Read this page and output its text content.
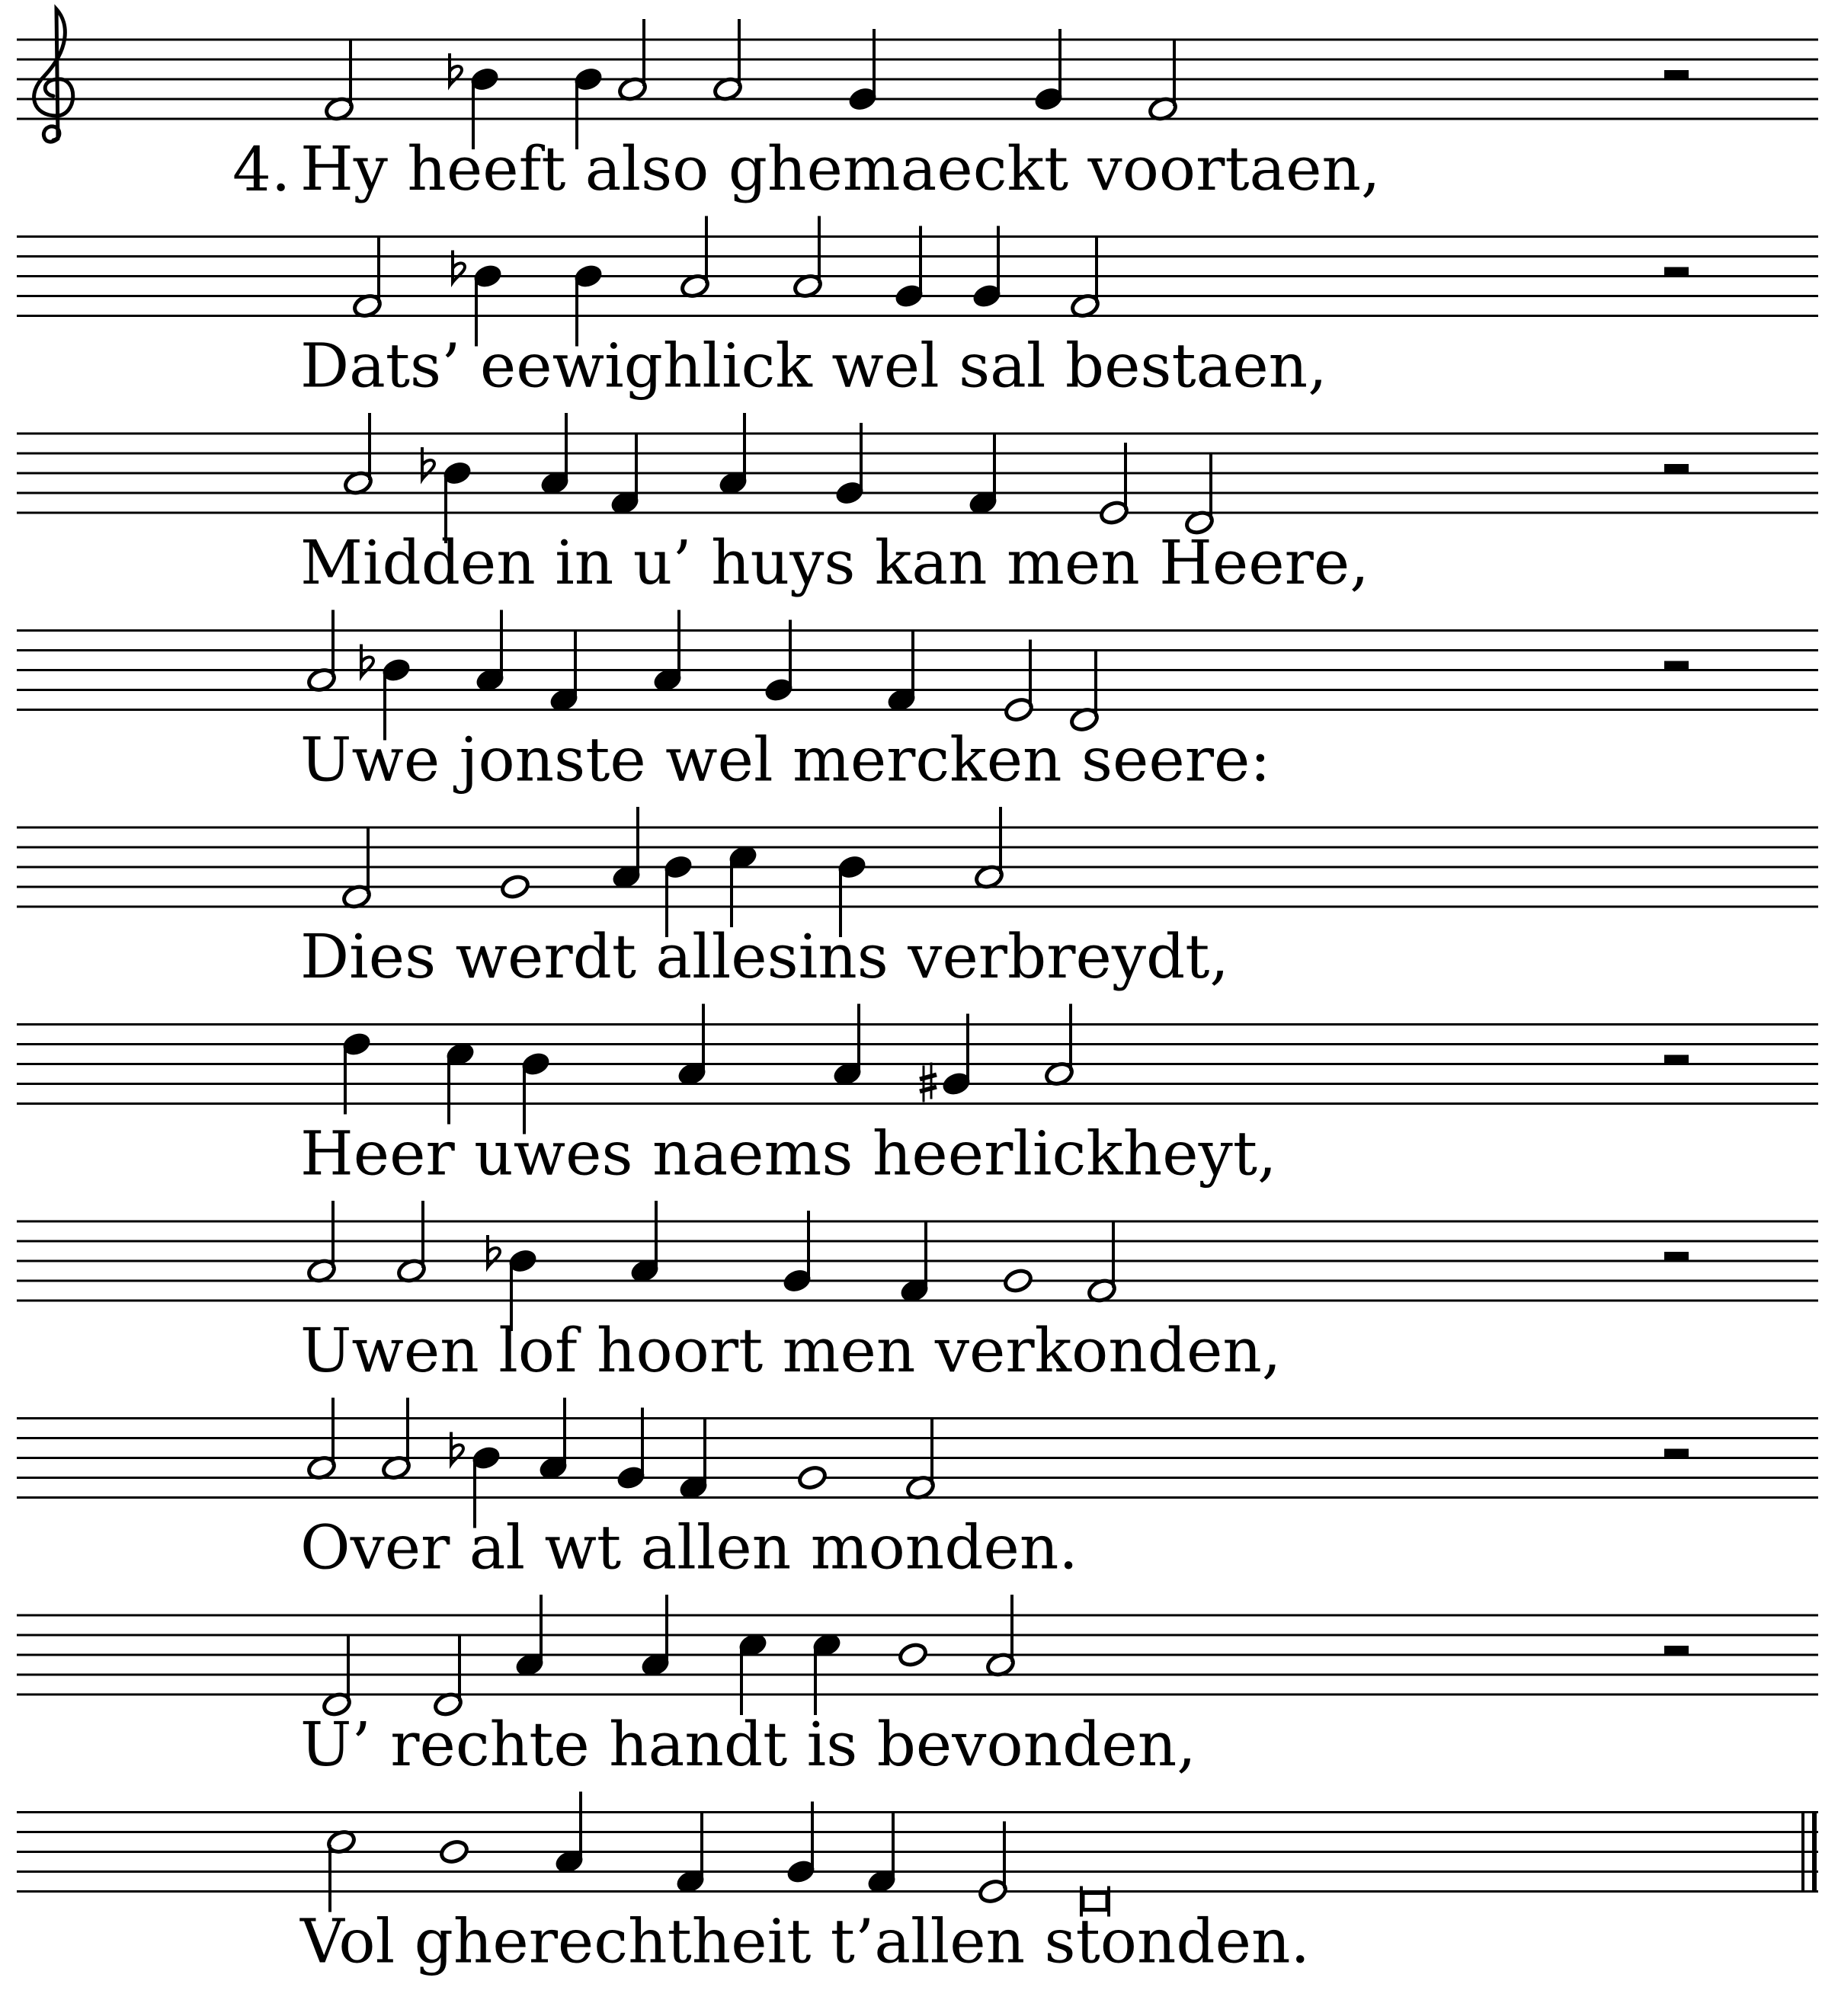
4. Hy heeft also ghemaeckt voortaen,
Dats’ eewighlick wel sal bestaen,
Midden in u’ huys kan men Heere,
Uwe jonste wel mercken seere:
Dies werdt allesins verbreydt,
Heer uwes naems heerlickheyt,
Uwen lof hoort men verkonden,
Over al wt allen monden.
U’ rechte handt is bevonden,
Vol gherechtheit t’allen stonden.
